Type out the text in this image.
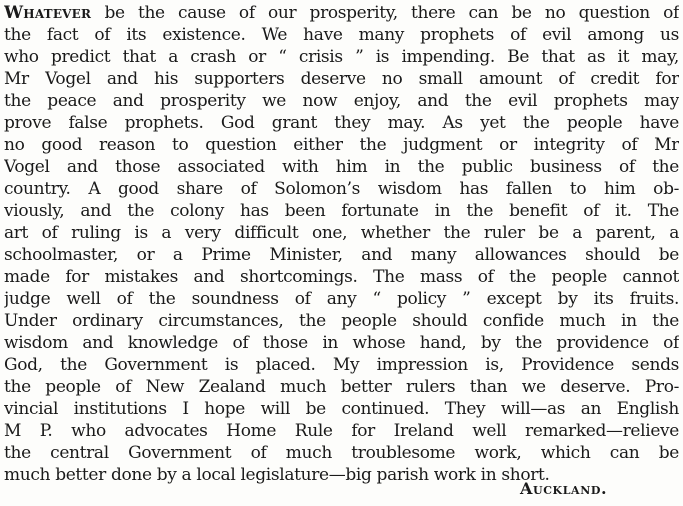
Whatever be the cause of our prosperity, there can be no question of
the fact of its existence. We have many prophets of evil among us
who predict that a crash or “ crisis ” is impending. Be that as it may,
Mr Vogel and his supporters deserve no small amount of credit for
the peace and prosperity we now enjoy, and the evil prophets may
prove false prophets. God grant they may. As yet the people have
no good reason to question either the judgment or integrity of Mr
Vogel and those associated with him in the public business of the
country. A good share of Solomon’s wisdom has fallen to him ob-
viously, and the colony has been fortunate in the benefit of it. The
art of ruling is a very difficult one, whether the ruler be a parent, a
schoolmaster, or a Prime Minister, and many allowances should be
made for mistakes and shortcomings. The mass of the people cannot
judge well of the soundness of any “ policy ” except by its fruits.
Under ordinary circumstances, the people should confide much in the
wisdom and knowledge of those in whose hand, by the providence of
God, the Government is placed. My impression is, Providence sends
the people of New Zealand much better rulers than we deserve. Pro-
vincial institutions I hope will be continued. They will—as an English
M P. who advocates Home Rule for Ireland well remarked—relieve
the central Government of much troublesome work, which can be
much better done by a local legislature—big parish work in short.
Auckland.
